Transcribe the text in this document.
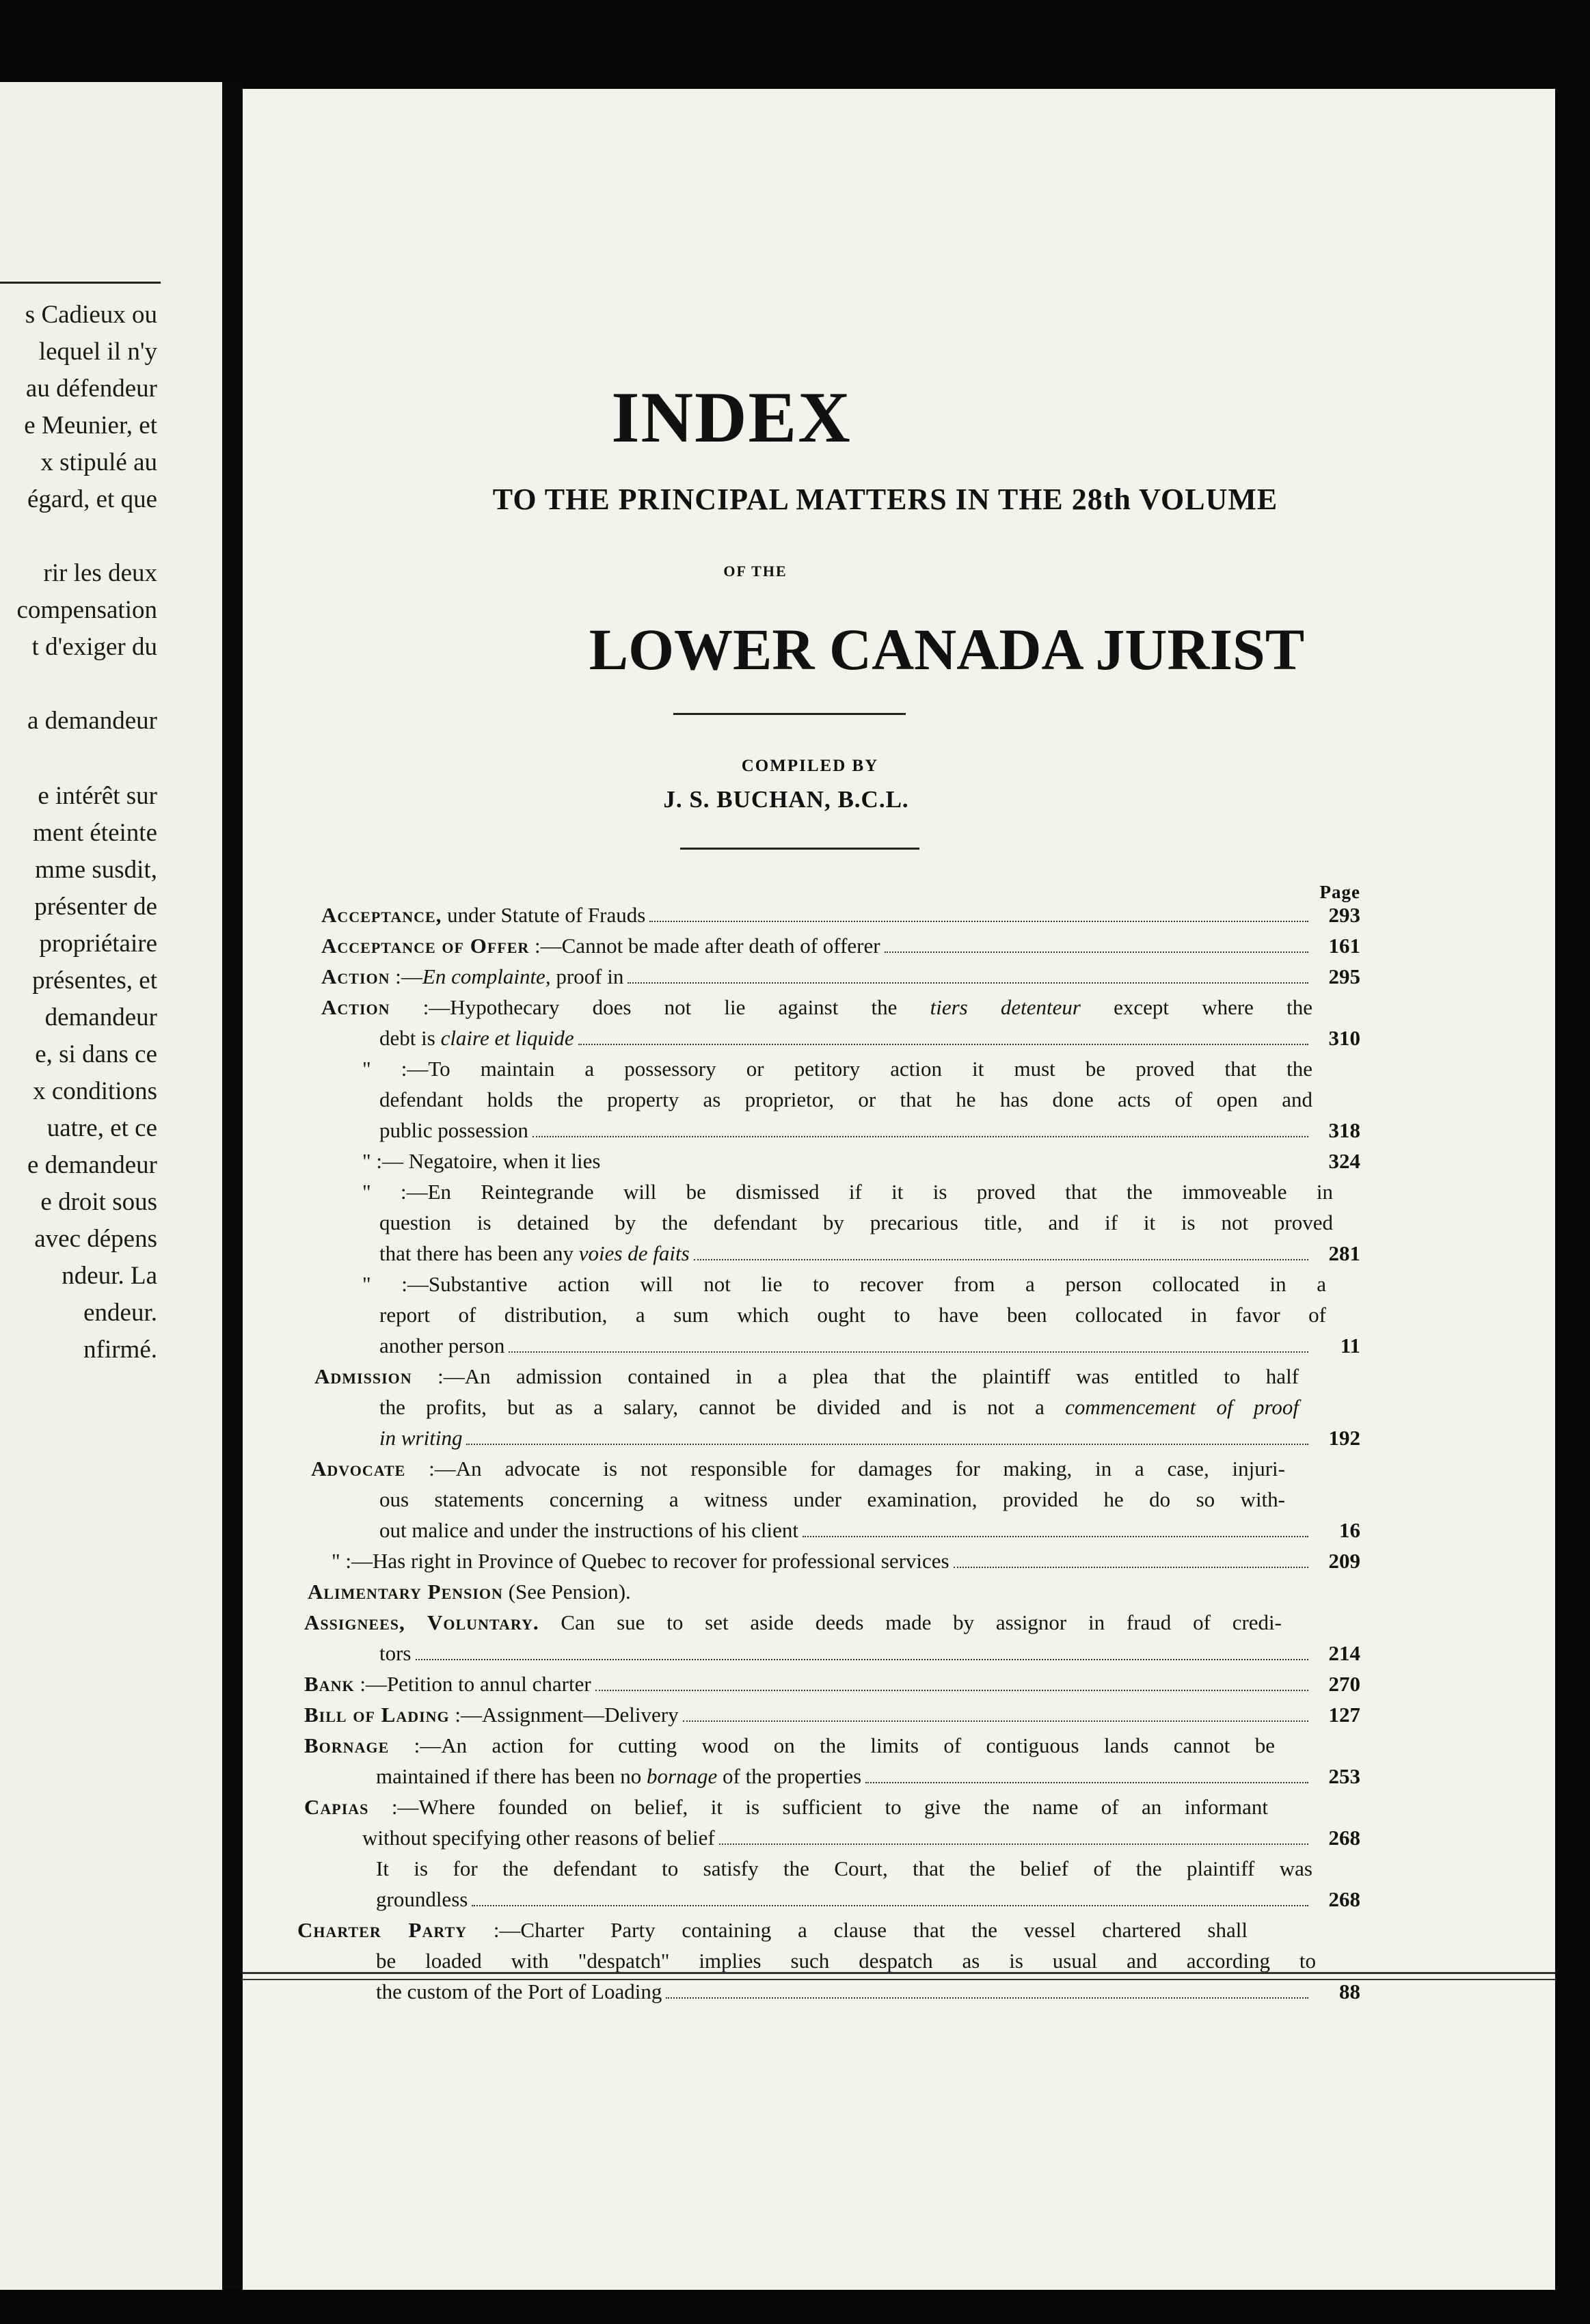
s Cadieux ou
lequel il n'y
au défendeur
e Meunier, et
x stipulé au
égard, et que
rir les deux
compensation
t d'exiger du
a demandeur
e intérêt sur
ment éteinte
mme susdit,
présenter de
propriétaire
présentes, et
demandeur
e, si dans ce
x conditions
uatre, et ce
e demandeur
e droit sous
avec dépens
ndeur. La
endeur.
nfirmé.
INDEX
TO THE PRINCIPAL MATTERS IN THE 28th VOLUME
OF THE
LOWER CANADA JURIST
COMPILED BY
J. S. BUCHAN, B.C.L.
Page
Acceptance, under Statute of Frauds	293
Acceptance of Offer :—Cannot be made after death of offerer	161
Action :—En complainte, proof in	295
Action :—Hypothecary does not lie against the tiers detenteur except where the
debt is claire et liquide	310
" :—To maintain a possessory or petitory action it must be proved that the
defendant holds the property as proprietor, or that he has done acts of open and
public possession	318
" :— Negatoire, when it lies	324
" :—En Reintegrande will be dismissed if it is proved that the immoveable in
question is detained by the defendant by precarious title, and if it is not proved
that there has been any voies de faits	281
" :—Substantive action will not lie to recover from a person collocated in a
report of distribution, a sum which ought to have been collocated in favor of
another person	11
Admission :—An admission contained in a plea that the plaintiff was entitled to half
the profits, but as a salary, cannot be divided and is not a commencement of proof
in writing	192
Advocate :—An advocate is not responsible for damages for making, in a case, injuri-
ous statements concerning a witness under examination, provided he do so with-
out malice and under the instructions of his client	16
" :—Has right in Province of Quebec to recover for professional services	209
Alimentary Pension (See Pension).
Assignees, Voluntary. Can sue to set aside deeds made by assignor in fraud of credi-
tors	214
Bank :—Petition to annul charter	270
Bill of Lading :—Assignment—Delivery	127
Bornage :—An action for cutting wood on the limits of contiguous lands cannot be
maintained if there has been no bornage of the properties	253
Capias :—Where founded on belief, it is sufficient to give the name of an informant
without specifying other reasons of belief	268
It is for the defendant to satisfy the Court, that the belief of the plaintiff was
groundless	268
Charter Party :—Charter Party containing a clause that the vessel chartered shall
be loaded with "despatch" implies such despatch as is usual and according to
the custom of the Port of Loading	88
